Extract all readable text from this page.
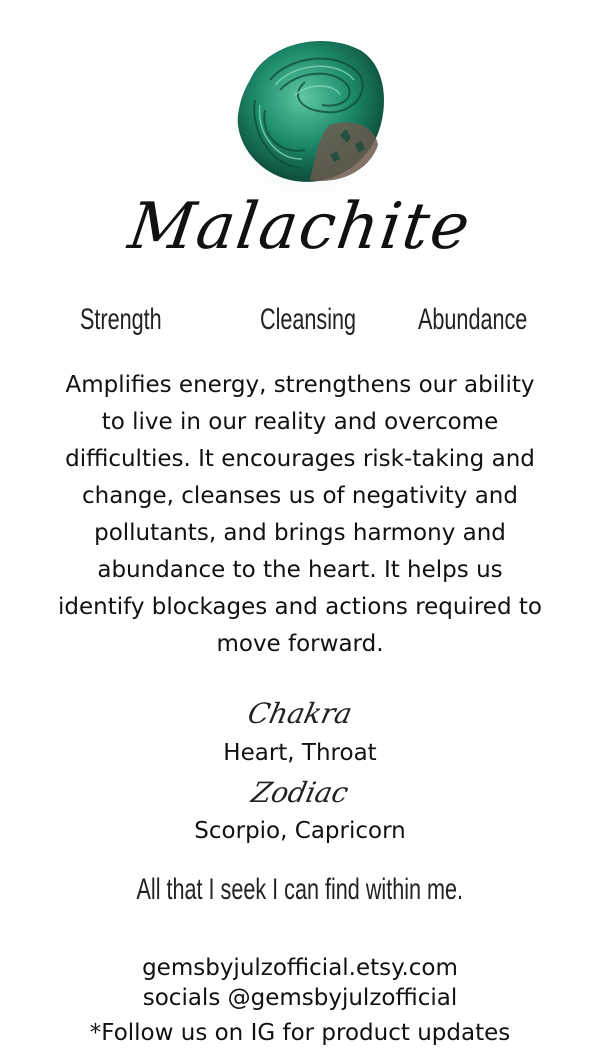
Malachite
Strength	Cleansing Abundance
Amplifies energy, strengthens our ability to live in our reality and overcome difficulties. It encourages risk-taking and change, cleanses us of negativity and pollutants, and brings harmony and abundance to the heart. It helps us identify blockages and actions required to move forward.
Chakra
Heart, Throat
Zodiac
Scorpio, Capricorn
All that I seek I can find within me.
gemsbyjulzofficial.etsy.com
socials @gemsbyjulzofficial
*Follow us on IG for product updates
